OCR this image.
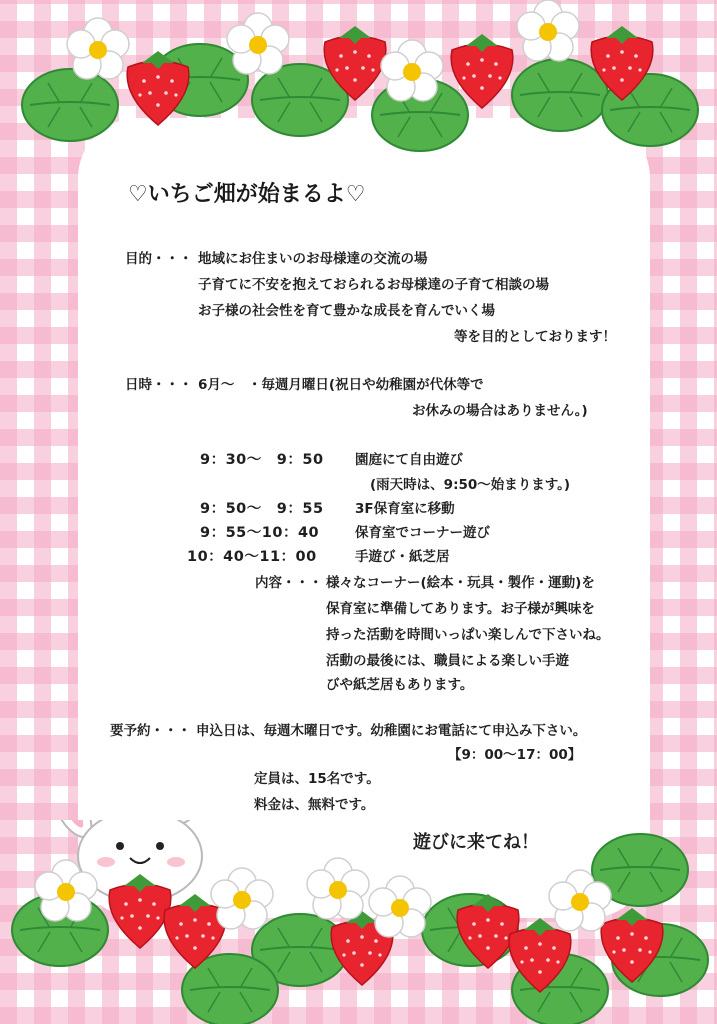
♡いちご畑が始まるよ♡
目的・・・ 地域にお住まいのお母様達の交流の場
子育てに不安を抱えておられるお母様達の子育て相談の場
お子様の社会性を育て豊かな成長を育んでいく場
等を目的としております！
日時・・・ 6月～　・毎週月曜日(祝日や幼稚園が代休等で
お休みの場合はありません。)
9：30～　9：50 園庭にて自由遊び
(雨天時は、9:50～始まります。)
9：50～　9：55 3F保育室に移動
9：55～10：40	保育室でコーナー遊び
10：40～11：00	手遊び・紙芝居
内容・・・ 様々なコーナー(絵本・玩具・製作・運動)を
保育室に準備してあります。お子様が興味を
持った活動を時間いっぱい楽しんで下さいね。
活動の最後には、職員による楽しい手遊
びや紙芝居もあります。
要予約・・・ 申込日は、毎週木曜日です。幼稚園にお電話にて申込み下さい。
【9：00～17：00】
定員は、15名です。
料金は、無料です。
遊びに来てね！
